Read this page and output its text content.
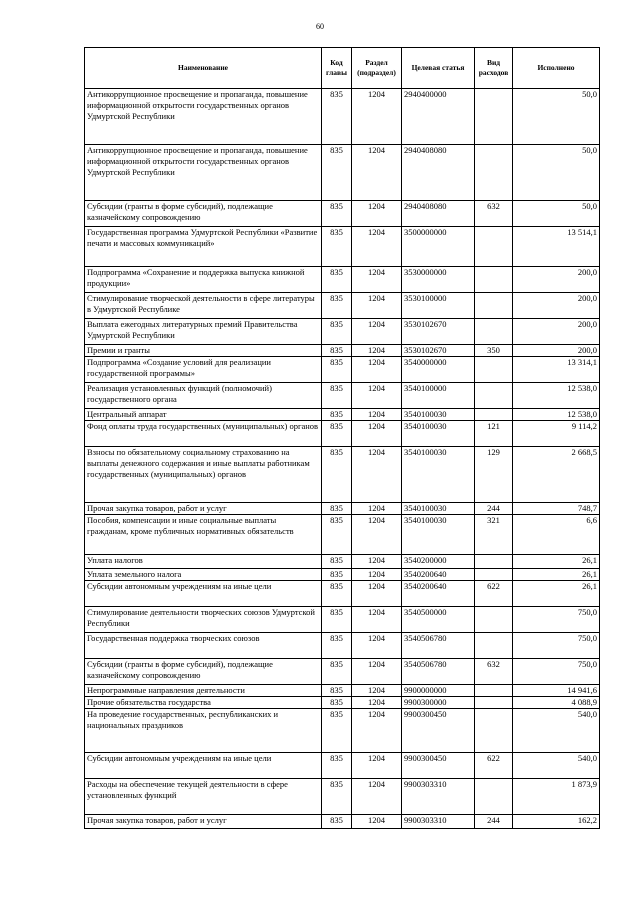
60
Наименование	Код главы	Раздел (подраздел)	Целевая статья	Вид расходов	Исполнено
Антикоррупционное просвещение и пропаганда, повышение информационной открытости государственных органов Удмуртской Республики	835	1204	2940400000		50,0
Антикоррупционное просвещение и пропаганда, повышение информационной открытости государственных органов Удмуртской Республики	835	1204	2940408080		50,0
Субсидии (гранты в форме субсидий), подлежащие казначейскому сопровождению	835	1204	2940408080	632	50,0
Государственная программа Удмуртской Республики «Развитие печати и массовых коммуникаций»	835	1204	3500000000		13 514,1
Подпрограмма «Сохранение и поддержка выпуска книжной продукции»	835	1204	3530000000		200,0
Стимулирование творческой деятельности в сфере литературы в Удмуртской Республике	835	1204	3530100000		200,0
Выплата ежегодных литературных премий Правительства Удмуртской Республики	835	1204	3530102670		200,0
Премии и гранты	835	1204	3530102670	350	200,0
Подпрограмма «Создание условий для реализации государственной программы»	835	1204	3540000000		13 314,1
Реализация установленных функций (полномочий) государственного органа	835	1204	3540100000		12 538,0
Центральный аппарат	835	1204	3540100030		12 538,0
Фонд оплаты труда государственных (муниципальных) органов	835	1204	3540100030	121	9 114,2
Взносы по обязательному социальному страхованию на выплаты денежного содержания и иные выплаты работникам государственных (муниципальных) органов	835	1204	3540100030	129	2 668,5
Прочая закупка товаров, работ и услуг	835	1204	3540100030	244	748,7
Пособия, компенсации и иные социальные выплаты гражданам, кроме публичных нормативных обязательств	835	1204	3540100030	321	6,6
Уплата налогов	835	1204	3540200000		26,1
Уплата земельного налога	835	1204	3540200640		26,1
Субсидии автономным учреждениям на иные цели	835	1204	3540200640	622	26,1
Стимулирование деятельности творческих союзов Удмуртской Республики	835	1204	3540500000		750,0
Государственная поддержка творческих союзов	835	1204	3540506780		750,0
Субсидии (гранты в форме субсидий), подлежащие казначейскому сопровождению	835	1204	3540506780	632	750,0
Непрограммные направления деятельности	835	1204	9900000000		14 941,6
Прочие обязательства государства	835	1204	9900300000		4 088,9
На проведение государственных, республиканских и национальных праздников	835	1204	9900300450		540,0
Субсидии автономным учреждениям на иные цели	835	1204	9900300450	622	540,0
Расходы на обеспечение текущей деятельности в сфере установленных функций	835	1204	9900303310		1 873,9
Прочая закупка товаров, работ и услуг	835	1204	9900303310	244	162,2
